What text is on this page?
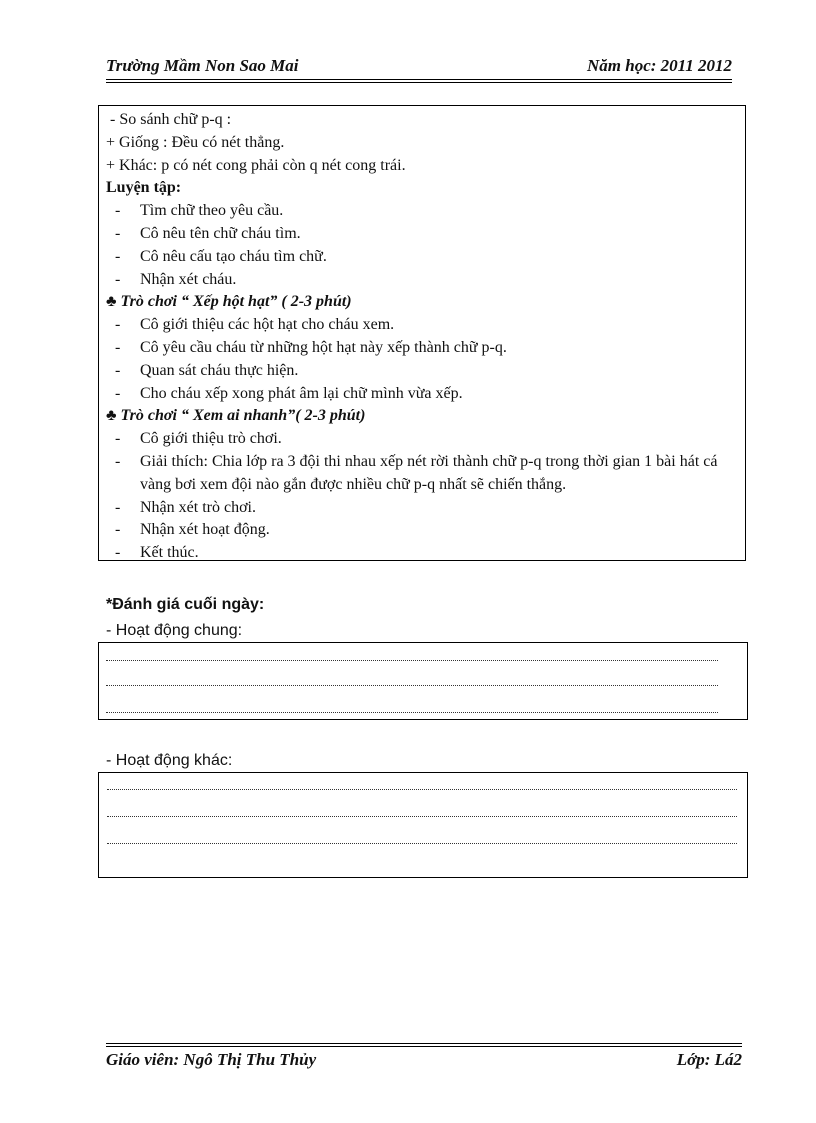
Trường Mầm Non Sao Mai	Năm học: 2011 2012
- So sánh chữ p-q :
+ Giống : Đều có nét thẳng.
+ Khác: p có nét cong phải còn q nét cong trái.
Luyện tập:
- Tìm chữ theo yêu cầu.
- Cô nêu tên chữ cháu tìm.
- Cô nêu cấu tạo cháu tìm chữ.
- Nhận xét cháu.
♣ Trò chơi “ Xếp hột hạt” ( 2-3 phút)
- Cô giới thiệu các hột hạt cho cháu xem.
- Cô yêu cầu cháu từ những hột hạt này xếp thành chữ p-q.
- Quan sát cháu thực hiện.
- Cho cháu xếp xong phát âm lại chữ mình vừa xếp.
♣ Trò chơi “ Xem ai nhanh”( 2-3 phút)
- Cô giới thiệu trò chơi.
- Giải thích: Chia lớp ra 3 đội thi nhau xếp nét rời thành chữ p-q trong thời gian 1 bài hát cá vàng bơi xem đội nào gắn được nhiều chữ p-q nhất sẽ chiến thắng.
- Nhận xét trò chơi.
- Nhận xét hoạt động.
- Kết thúc.
*Đánh giá cuối ngày:
- Hoạt động chung:
- Hoạt động khác:
Giáo viên: Ngô Thị Thu Thủy	Lớp: Lá2
